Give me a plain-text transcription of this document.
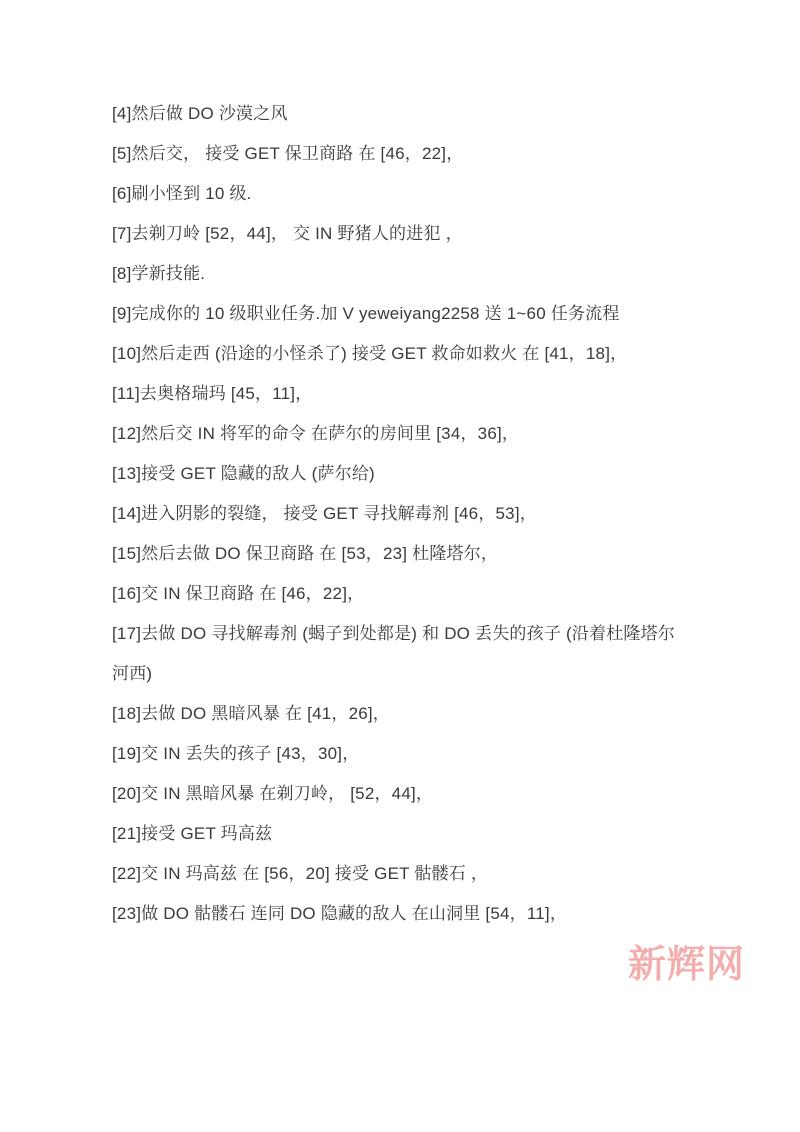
[4]然后做 DO 沙漠之风

[5]然后交， 接受 GET 保卫商路 在 [46，22]，

[6]刷小怪到 10 级.

[7]去剃刀岭 [52，44]， 交 IN 野猪人的进犯 ，

[8]学新技能.

[9]完成你的 10 级职业任务.加 V yeweiyang2258 送 1~60 任务流程

[10]然后走西 (沿途的小怪杀了) 接受 GET 救命如救火 在 [41，18]，

[11]去奥格瑞玛 [45，11]，

[12]然后交 IN 将军的命令 在萨尔的房间里 [34，36]，

[13]接受 GET 隐藏的敌人 (萨尔给)

[14]进入阴影的裂缝， 接受 GET 寻找解毒剂 [46，53]，

[15]然后去做 DO 保卫商路 在 [53，23] 杜隆塔尔，

[16]交 IN 保卫商路 在 [46，22]，

[17]去做 DO 寻找解毒剂 (蝎子到处都是) 和 DO 丢失的孩子 (沿着杜隆塔尔河西)

[18]去做 DO 黑暗风暴 在 [41，26]，

[19]交 IN 丢失的孩子 [43，30]，

[20]交 IN 黑暗风暴 在剃刀岭， [52，44]，

[21]接受 GET 玛高兹

[22]交 IN 玛高兹 在 [56，20] 接受 GET 骷髅石 ，

[23]做 DO 骷髅石 连同 DO 隐藏的敌人 在山洞里 [54，11]，

新辉网
